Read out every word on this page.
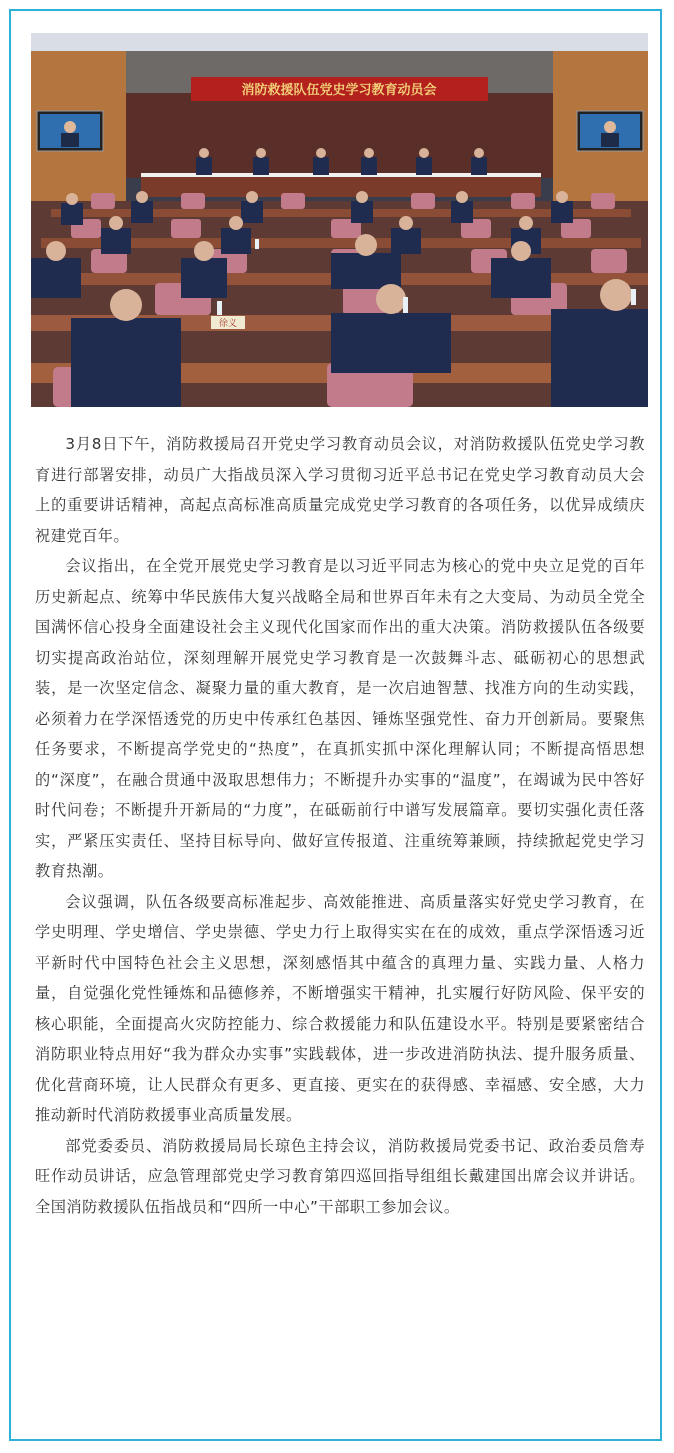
消防救援队伍党史学习教育动员会
徐义

3月8日下午，消防救援局召开党史学习教育动员会议，对消防救援队伍党史学习教育进行部署安排，动员广大指战员深入学习贯彻习近平总书记在党史学习教育动员大会上的重要讲话精神，高起点高标准高质量完成党史学习教育的各项任务，以优异成绩庆祝建党百年。

会议指出，在全党开展党史学习教育是以习近平同志为核心的党中央立足党的百年历史新起点、统筹中华民族伟大复兴战略全局和世界百年未有之大变局、为动员全党全国满怀信心投身全面建设社会主义现代化国家而作出的重大决策。消防救援队伍各级要切实提高政治站位，深刻理解开展党史学习教育是一次鼓舞斗志、砥砺初心的思想武装，是一次坚定信念、凝聚力量的重大教育，是一次启迪智慧、找准方向的生动实践，必须着力在学深悟透党的历史中传承红色基因、锤炼坚强党性、奋力开创新局。要聚焦任务要求，不断提高学党史的“热度”，在真抓实抓中深化理解认同；不断提高悟思想的“深度”，在融合贯通中汲取思想伟力；不断提升办实事的“温度”，在竭诚为民中答好时代问卷；不断提升开新局的“力度”，在砥砺前行中谱写发展篇章。要切实强化责任落实，严紧压实责任、坚持目标导向、做好宣传报道、注重统筹兼顾，持续掀起党史学习教育热潮。

会议强调，队伍各级要高标准起步、高效能推进、高质量落实好党史学习教育，在学史明理、学史增信、学史崇德、学史力行上取得实实在在的成效，重点学深悟透习近平新时代中国特色社会主义思想，深刻感悟其中蕴含的真理力量、实践力量、人格力量，自觉强化党性锤炼和品德修养，不断增强实干精神，扎实履行好防风险、保平安的核心职能，全面提高火灾防控能力、综合救援能力和队伍建设水平。特别是要紧密结合消防职业特点用好“我为群众办实事”实践载体，进一步改进消防执法、提升服务质量、优化营商环境，让人民群众有更多、更直接、更实在的获得感、幸福感、安全感，大力推动新时代消防救援事业高质量发展。

部党委委员、消防救援局局长琼色主持会议，消防救援局党委书记、政治委员詹寿旺作动员讲话，应急管理部党史学习教育第四巡回指导组组长戴建国出席会议并讲话。全国消防救援队伍指战员和“四所一中心”干部职工参加会议。
